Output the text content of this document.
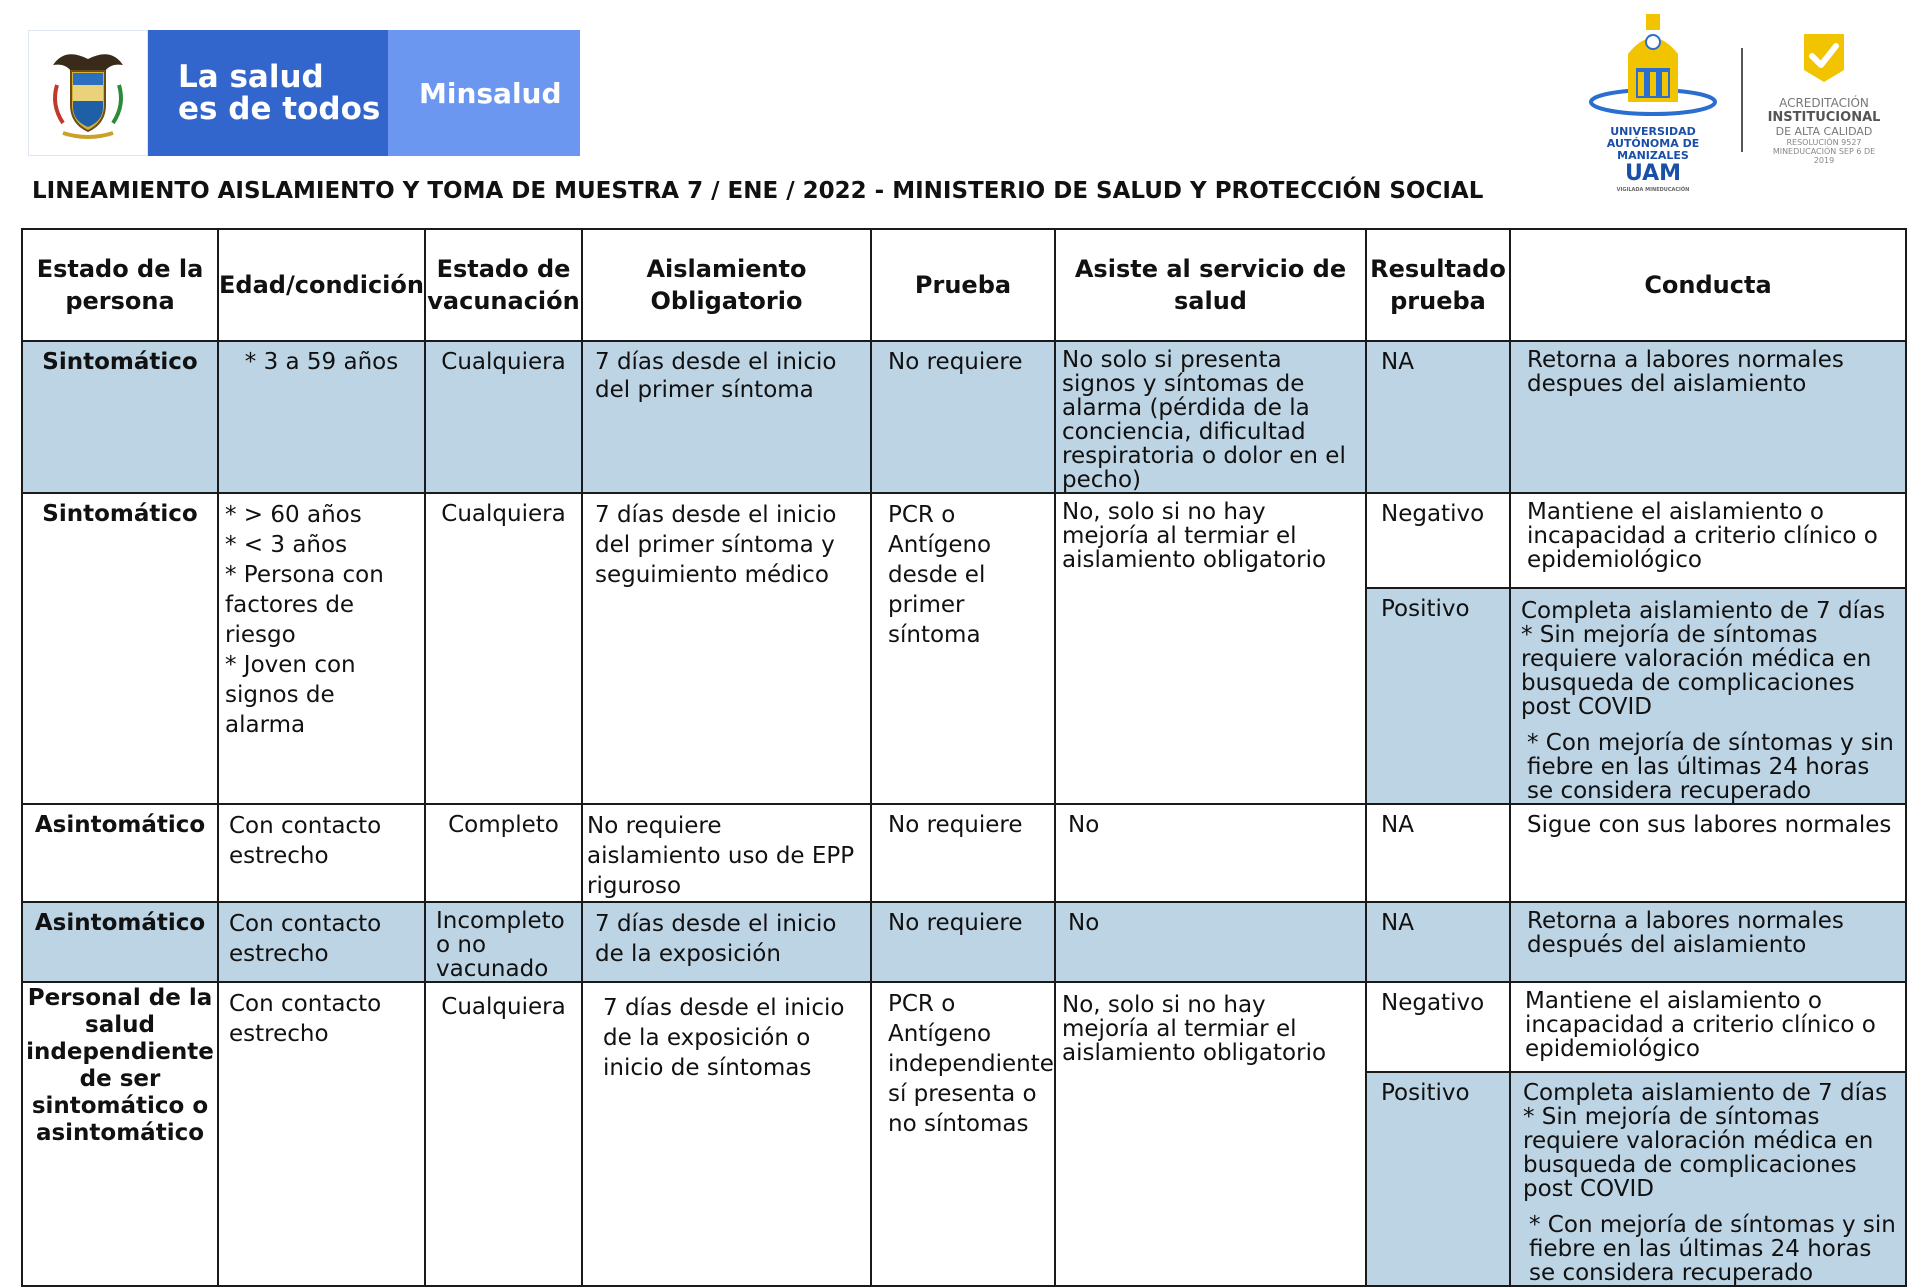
La salud
es de todos	Minsalud
UNIVERSIDAD
AUTÓNOMA DE
MANIZALES
UAM
VIGILADA MINEDUCACIÓN
ACREDITACIÓN
INSTITUCIONAL
DE ALTA CALIDAD
RESOLUCIÓN 9527
MINEDUCACIÓN SEP 6 DE 2019
LINEAMIENTO AISLAMIENTO Y TOMA DE MUESTRA 7 / ENE / 2022 - MINISTERIO DE SALUD Y PROTECCIÓN SOCIAL
Estado de la persona	Edad/condición	Estado de vacunación	Aislamiento Obligatorio	Prueba	Asiste al servicio de salud	Resultado prueba	Conducta
Sintomático	* 3 a 59 años	Cualquiera	7 días desde el inicio del primer síntoma	No requiere	No solo si presenta signos y síntomas de alarma (pérdida de la conciencia, dificultad respiratoria o dolor en el pecho)	NA	Retorna a labores normales despues del aislamiento
Sintomático	* > 60 años
* < 3 años
* Persona con factores de riesgo
* Joven con signos de alarma	Cualquiera	7 días desde el inicio del primer síntoma y seguimiento médico	PCR o Antígeno desde el primer síntoma	No, solo si no hay mejoría al termiar el aislamiento obligatorio	Negativo	Mantiene el aislamiento o incapacidad a criterio clínico o epidemiológico
						Positivo	Completa aislamiento de 7 días
* Sin mejoría de síntomas requiere valoración médica en busqueda de complicaciones post COVID
* Con mejoría de síntomas y sin fiebre en las últimas 24 horas se considera recuperado

Asintomático	Con contacto estrecho	Completo	No requiere aislamiento uso de EPP riguroso	No requiere	No	NA	Sigue con sus labores normales
Asintomático	Con contacto estrecho	Incompleto o no vacunado	7 días desde el inicio de la exposición	No requiere	No	NA	Retorna a labores normales después del aislamiento
Personal de la salud independiente de ser sintomático o asintomático	Con contacto estrecho	Cualquiera	7 días desde el inicio de la exposición o inicio de síntomas	PCR o Antígeno independiente sí presenta o no síntomas	No, solo si no hay mejoría al termiar el aislamiento obligatorio	Negativo	Mantiene el aislamiento o incapacidad a criterio clínico o epidemiológico
						Positivo	Completa aislamiento de 7 días
* Sin mejoría de síntomas requiere valoración médica en busqueda de complicaciones post COVID
* Con mejoría de síntomas y sin fiebre en las últimas 24 horas se considera recuperado
